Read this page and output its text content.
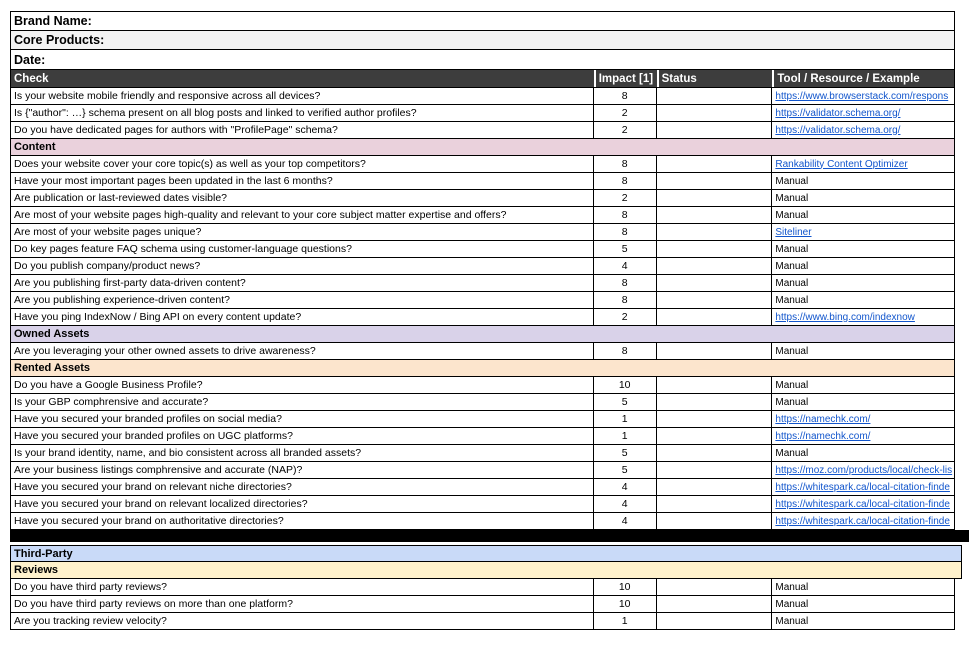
Brand Name:
Core Products:
Date:
Check	Impact [1] Status	Tool / Resource / Example
Is your website mobile friendly and responsive across all devices?	8	https://www.browserstack.com/respons
Is {"author": …} schema present on all blog posts and linked to verified author profiles?	2	https://validator.schema.org/
Do you have dedicated pages for authors with "ProfilePage" schema?	2	https://validator.schema.org/
Content
Does your website cover your core topic(s) as well as your top competitors?	8	Rankability Content Optimizer
Have your most important pages been updated in the last 6 months?	8	Manual
Are publication or last-reviewed dates visible?	2	Manual
Are most of your website pages high-quality and relevant to your core subject matter expertise and offers?	8	Manual
Are most of your website pages unique?	8	Siteliner
Do key pages feature FAQ schema using customer-language questions?	5	Manual
Do you publish company/product news?	4	Manual
Are you publishing first-party data-driven content?	8	Manual
Are you publishing experience-driven content?	8	Manual
Have you ping IndexNow / Bing API on every content update?	2	https://www.bing.com/indexnow
Owned Assets
Are you leveraging your other owned assets to drive awareness?	8	Manual
Rented Assets
Do you have a Google Business Profile?	10	Manual
Is your GBP comphrensive and accurate?	5	Manual
Have you secured your branded profiles on social media?	1	https://namechk.com/
Have you secured your branded profiles on UGC platforms?	1	https://namechk.com/
Is your brand identity, name, and bio consistent across all branded assets?	5	Manual
Are your business listings comphrensive and accurate (NAP)?	5	https://moz.com/products/local/check-lis
Have you secured your brand on relevant niche directories?	4	https://whitespark.ca/local-citation-finde
Have you secured your brand on relevant localized directories?	4	https://whitespark.ca/local-citation-finde
Have you secured your brand on authoritative directories?	4	https://whitespark.ca/local-citation-finde
Third-Party
Reviews
Do you have third party reviews?	10	Manual
Do you have third party reviews on more than one platform?	10	Manual
Are you tracking review velocity?	1	Manual
